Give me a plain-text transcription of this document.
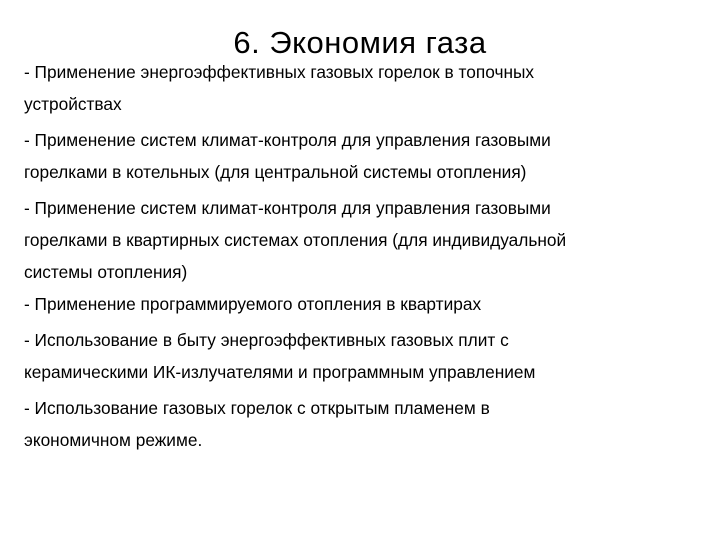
6. Экономия газа
- Применение энергоэффективных газовых горелок в топочных
устройствах
- Применение систем климат-контроля для управления газовыми
горелками в котельных (для центральной системы отопления)
- Применение систем климат-контроля для управления газовыми
горелками в квартирных системах отопления (для индивидуальной
системы отопления)
- Применение программируемого отопления в квартирах
- Использование в быту энергоэффективных газовых плит с
керамическими ИК-излучателями и программным управлением
- Использование газовых горелок с открытым пламенем в
экономичном режиме.
